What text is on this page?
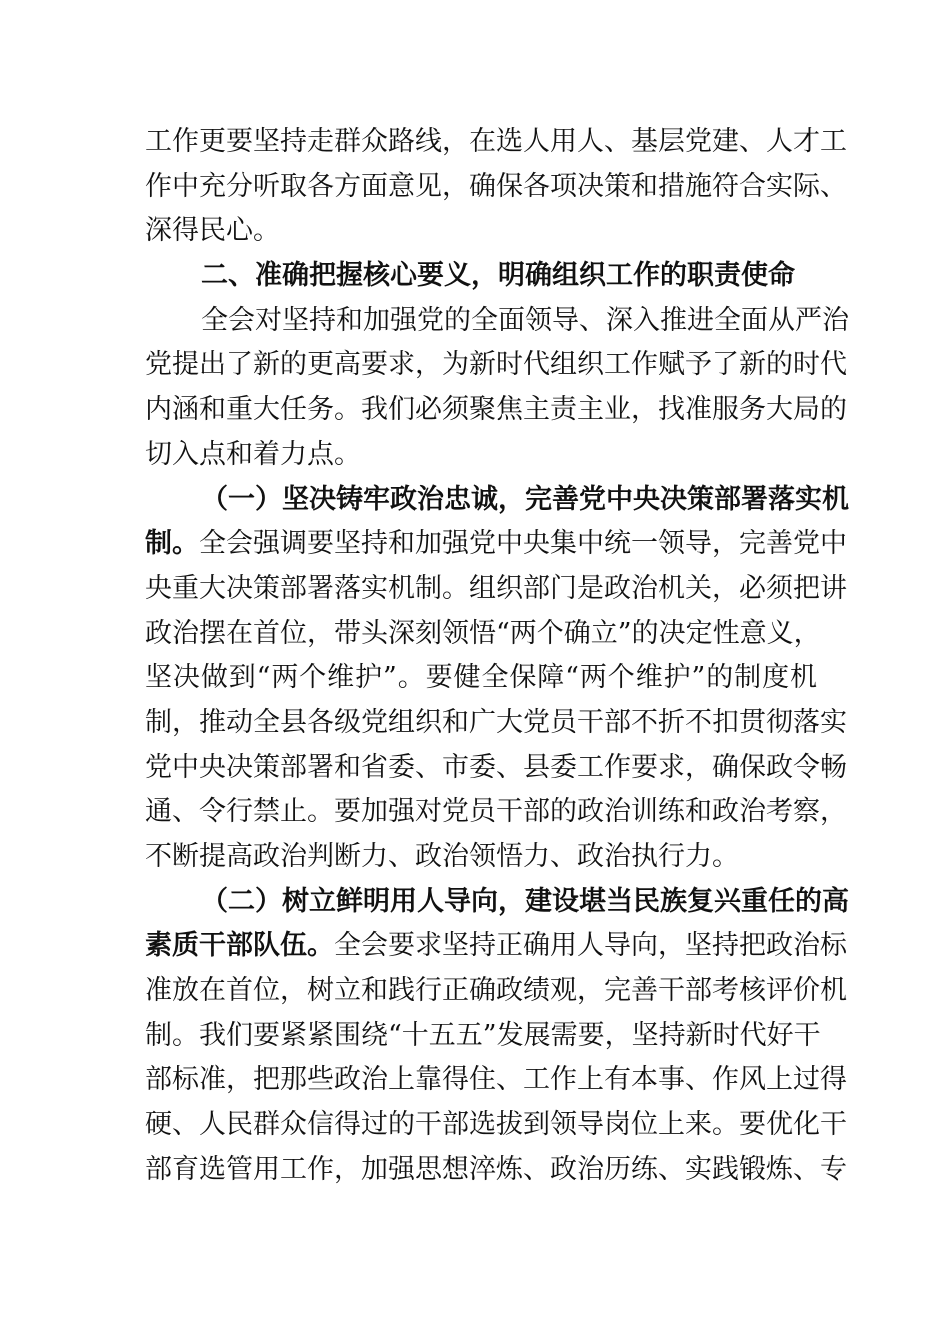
工作更要坚持走群众路线，在选人用人、基层党建、人才工
作中充分听取各方面意见，确保各项决策和措施符合实际、
深得民心。
二、准确把握核心要义，明确组织工作的职责使命
全会对坚持和加强党的全面领导、深入推进全面从严治
党提出了新的更高要求，为新时代组织工作赋予了新的时代
内涵和重大任务。我们必须聚焦主责主业，找准服务大局的
切入点和着力点。
（一）坚决铸牢政治忠诚，完善党中央决策部署落实机
制。全会强调要坚持和加强党中央集中统一领导，完善党中
央重大决策部署落实机制。组织部门是政治机关，必须把讲
政治摆在首位，带头深刻领悟“两个确立”的决定性意义，
坚决做到“两个维护”。要健全保障“两个维护”的制度机
制，推动全县各级党组织和广大党员干部不折不扣贯彻落实
党中央决策部署和省委、市委、县委工作要求，确保政令畅
通、令行禁止。要加强对党员干部的政治训练和政治考察，
不断提高政治判断力、政治领悟力、政治执行力。
（二）树立鲜明用人导向，建设堪当民族复兴重任的高
素质干部队伍。全会要求坚持正确用人导向，坚持把政治标
准放在首位，树立和践行正确政绩观，完善干部考核评价机
制。我们要紧紧围绕“十五五”发展需要，坚持新时代好干
部标准，把那些政治上靠得住、工作上有本事、作风上过得
硬、人民群众信得过的干部选拔到领导岗位上来。要优化干
部育选管用工作，加强思想淬炼、政治历练、实践锻炼、专
